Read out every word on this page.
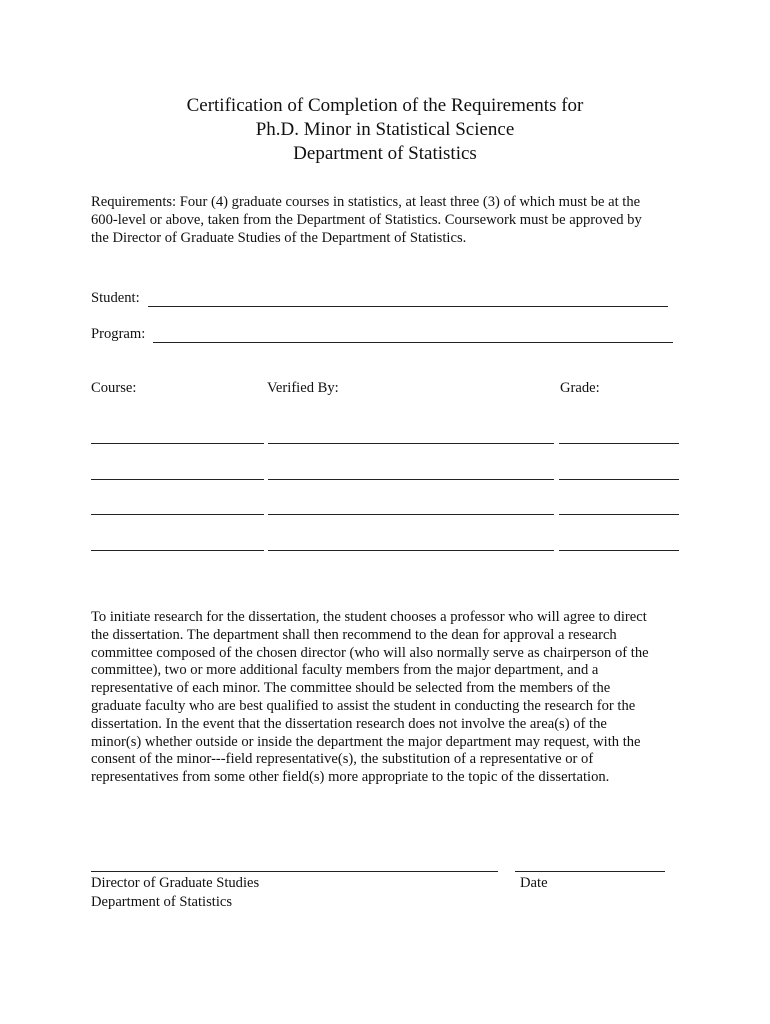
Certification of Completion of the Requirements for
Ph.D. Minor in Statistical Science
Department of Statistics
Requirements: Four (4) graduate courses in statistics, at least three (3) of which must be at the
600-level or above, taken from the Department of Statistics. Coursework must be approved by
the Director of Graduate Studies of the Department of Statistics.
Student:
Program:
Course:	Verified By:	Grade:
To initiate research for the dissertation, the student chooses a professor who will agree to direct
the dissertation. The department shall then recommend to the dean for approval a research
committee composed of the chosen director (who will also normally serve as chairperson of the
committee), two or more additional faculty members from the major department, and a
representative of each minor. The committee should be selected from the members of the
graduate faculty who are best qualified to assist the student in conducting the research for the
dissertation. In the event that the dissertation research does not involve the area(s) of the
minor(s) whether outside or inside the department the major department may request, with the
consent of the minor---field representative(s), the substitution of a representative or of
representatives from some other field(s) more appropriate to the topic of the dissertation.
Director of Graduate Studies
Department of Statistics
Date
